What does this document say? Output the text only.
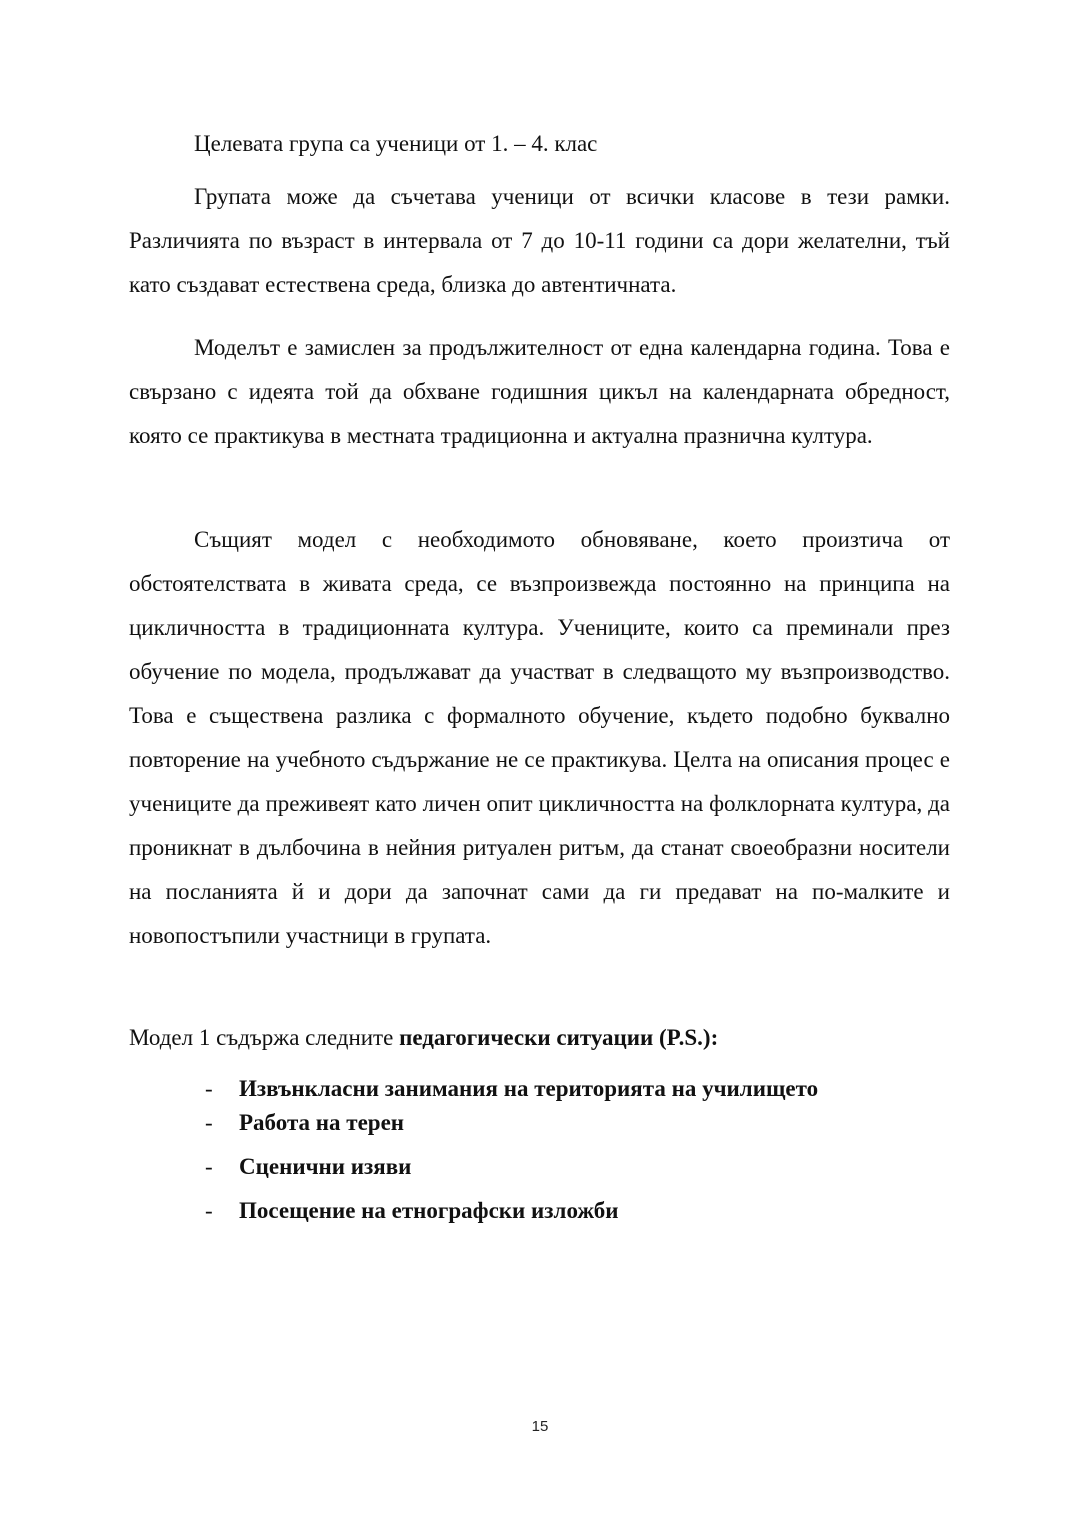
Целевата група са ученици от 1. – 4. клас

Групата може да съчетава ученици от всички класове в тези рамки. Различията по възраст в интервала от 7 до 10-11 години са дори желателни, тъй като създават естествена среда, близка до автентичната.

Моделът е замислен за продължителност от една календарна година. Това е свързано с идеята той да обхване годишния цикъл на календарната обредност, която се практикува в местната традиционна и актуална празнична култура.

Същият модел с необходимото обновяване, което произтича от обстоятелствата в живата среда, се възпроизвежда постоянно на принципа на цикличността в традиционната култура. Учениците, които са преминали през обучение по модела, продължават да участват в следващото му възпроизводство. Това е съществена разлика с формалното обучение, където подобно буквално повторение на учебното съдържание не се практикува. Целта на описания процес е учениците да преживеят като личен опит цикличността на фолклорната култура, да проникнат в дълбочина в нейния ритуален ритъм, да станат своеобразни носители на посланията й и дори да започнат сами да ги предават на по-малките и новопостъпили участници в групата.

Модел 1 съдържа следните педагогически ситуации (P.S.):

- Извънкласни занимания на територията на училището
- Работа на терен
- Сценични изяви
- Посещение на етнографски изложби
15
